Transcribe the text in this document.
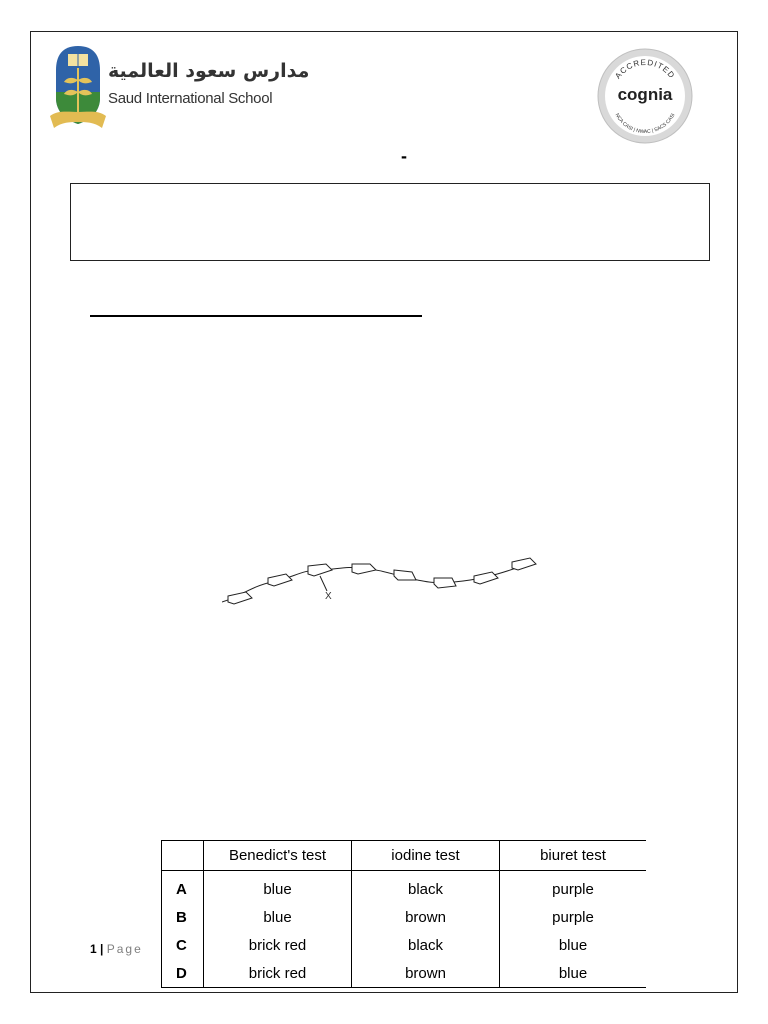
مدارس سعود العالمية
Saud International School
ACCREDITED
cognia
NCA CASI | NWAC | SACS CASI
-
X
	Benedict's test	iodine test	biuret test
A	blue	black	purple
B	blue	brown	purple
C	brick red	black	blue
D	brick red	brown	blue
1 | Page
